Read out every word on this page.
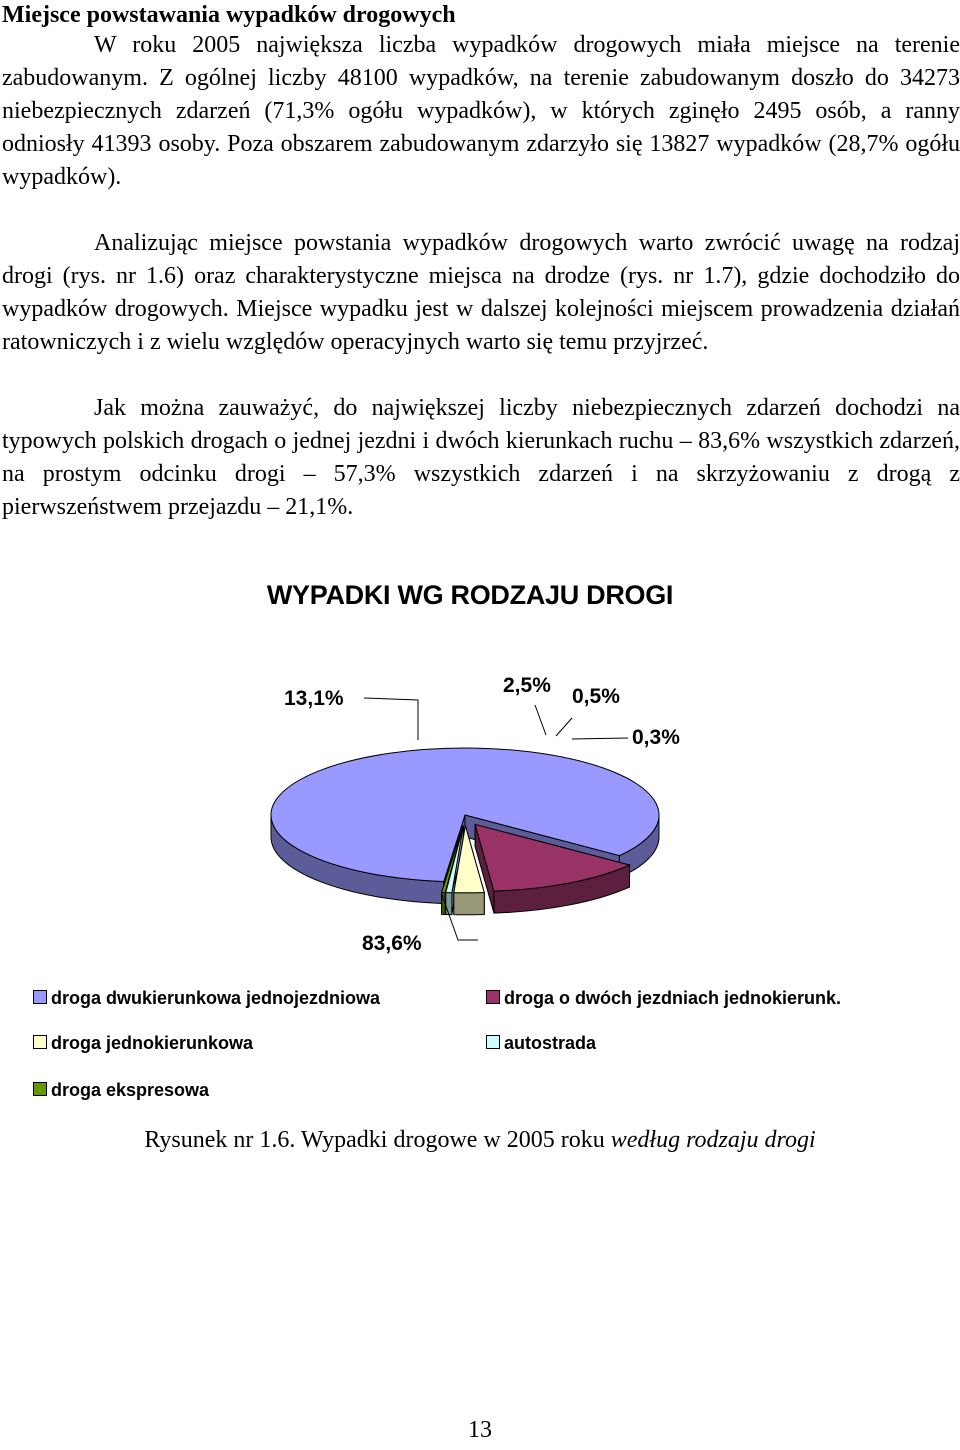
Miejsce powstawania wypadków drogowych

W roku 2005 największa liczba wypadków drogowych miała miejsce na terenie zabudowanym. Z ogólnej liczby 48100 wypadków, na terenie zabudowanym doszło do 34273 niebezpiecznych zdarzeń (71,3% ogółu wypadków), w których zginęło 2495 osób, a ranny odniosły 41393 osoby. Poza obszarem zabudowanym zdarzyło się 13827 wypadków (28,7% ogółu wypadków).

Analizując miejsce powstania wypadków drogowych warto zwrócić uwagę na rodzaj drogi (rys. nr 1.6) oraz charakterystyczne miejsca na drodze (rys. nr 1.7), gdzie dochodziło do wypadków drogowych. Miejsce wypadku jest w dalszej kolejności miejscem prowadzenia działań ratowniczych i z wielu względów operacyjnych warto się temu przyjrzeć.

Jak można zauważyć, do największej liczby niebezpiecznych zdarzeń dochodzi na typowych polskich drogach o jednej jezdni i dwóch kierunkach ruchu – 83,6% wszystkich zdarzeń, na prostym odcinku drogi – 57,3% wszystkich zdarzeń i na skrzyżowaniu z drogą z pierwszeństwem przejazdu – 21,1%.

WYPADKI WG RODZAJU DROGI
83,6%
13,1%
2,5% 0,5%
0,3%
droga dwukierunkowa jednojezdniowa	droga o dwóch jezdniach jednokierunk.
droga jednokierunkowa	autostrada
droga ekspresowa
Rysunek nr 1.6. Wypadki drogowe w 2005 roku według rodzaju drogi
13
